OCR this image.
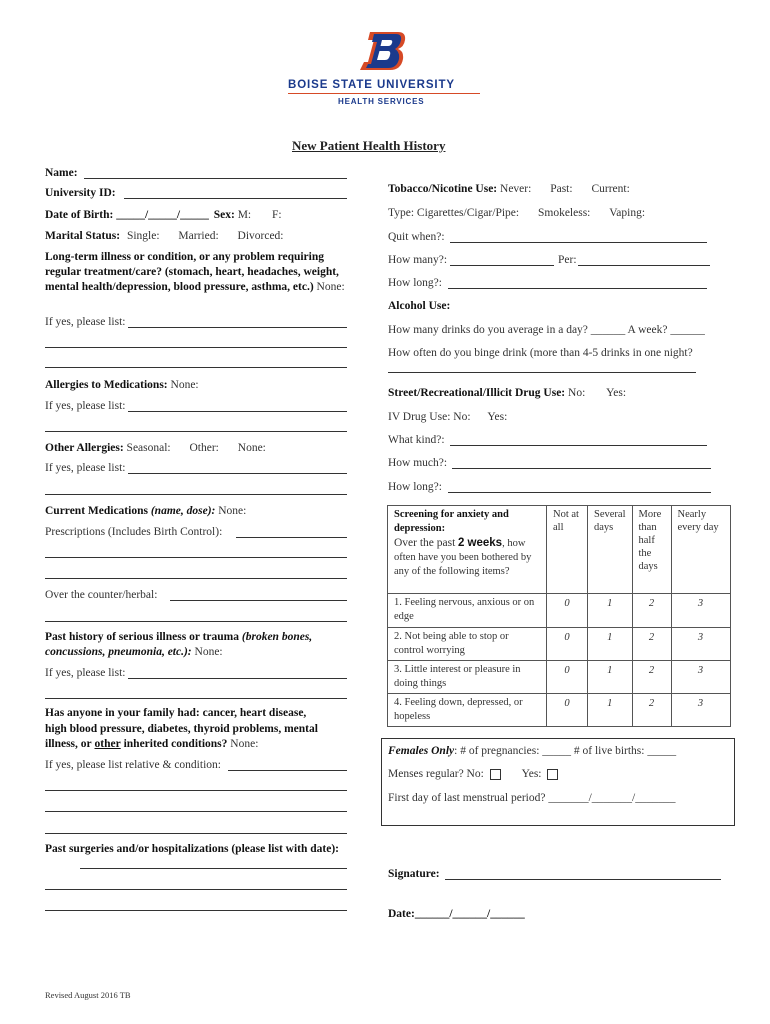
BOISE STATE UNIVERSITY
HEALTH SERVICES
New Patient Health History
Name:
University ID:
Date of Birth: _____/_____/_____ Sex: M: F:
Marital Status: Single: Married: Divorced:
Long-term illness or condition, or any problem requiring regular treatment/care? (stomach, heart, headaches, weight, mental health/depression, blood pressure, asthma, etc.) None:
If yes, please list:
Allergies to Medications: None:
If yes, please list:
Other Allergies: Seasonal: Other: None:
If yes, please list:
Current Medications (name, dose): None:
Prescriptions (Includes Birth Control):
Over the counter/herbal:
Past history of serious illness or trauma (broken bones, concussions, pneumonia, etc.): None:
If yes, please list:
Has anyone in your family had: cancer, heart disease,
high blood pressure, diabetes, thyroid problems, mental
illness, or other inherited conditions? None:
If yes, please list relative & condition:
Past surgeries and/or hospitalizations (please list with date):
Tobacco/Nicotine Use: Never: Past: Current:
Type: Cigarettes/Cigar/Pipe: Smokeless: Vaping:
Quit when?:
How many?:	Per:
How long?:
Alcohol Use:
How many drinks do you average in a day? ______ A week? ______
How often do you binge drink (more than 4-5 drinks in one night?
Street/Recreational/Illicit Drug Use: No: Yes:
IV Drug Use: No: Yes:
What kind?:
How much?:
How long?:
Screening for anxiety and depression:
Over the past 2 weeks, how often have you been bothered by any of the following items?	Not at all	Several days	More than half the days	Nearly every day
1. Feeling nervous, anxious or on edge	0	1	2	3
2. Not being able to stop or control worrying	0	1	2	3
3. Little interest or pleasure in doing things	0	1	2	3
4. Feeling down, depressed, or hopeless	0	1	2	3
Females Only: # of pregnancies: _____ # of live births: _____
Menses regular? No:	Yes:
First day of last menstrual period? _______/_______/_______
Signature:
Date:______/______/______
Revised August 2016 TB
